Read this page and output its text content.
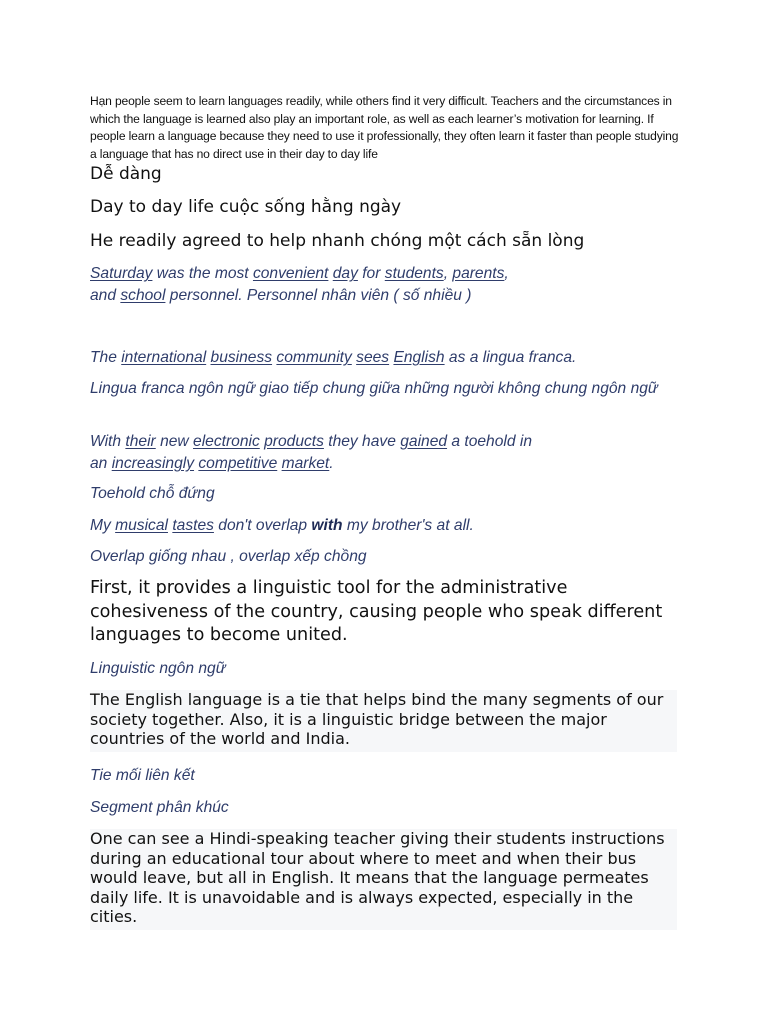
Hạn people seem to learn languages readily, while others find it very difficult. Teachers and the circumstances in which the language is learned also play an important role, as well as each learner’s motivation for learning. If people learn a language because they need to use it professionally, they often learn it faster than people studying a language that has no direct use in their day to day life

Dễ dàng

Day to day life cuộc sống hằng ngày

He readily agreed to help nhanh chóng một cách sẵn lòng

Saturday was the most convenient day for students, parents,
and school personnel. Personnel nhân viên ( số nhiều )

The international business community sees English as a lingua franca.

Lingua franca ngôn ngữ giao tiếp chung giữa những người không chung ngôn ngữ

With their new electronic products they have gained a toehold in
an increasingly competitive market.

Toehold chỗ đứng

My musical tastes don't overlap with my brother's at all.

Overlap giống nhau , overlap xếp chồng

First, it provides a linguistic tool for the administrative cohesiveness of the country, causing people who speak different languages to become united.

Linguistic ngôn ngữ

The English language is a tie that helps bind the many segments of our society together. Also, it is a linguistic bridge between the major countries of the world and India.

Tie mối liên kết

Segment phân khúc

One can see a Hindi-speaking teacher giving their students instructions during an educational tour about where to meet and when their bus would leave, but all in English. It means that the language permeates daily life. It is unavoidable and is always expected, especially in the cities.
